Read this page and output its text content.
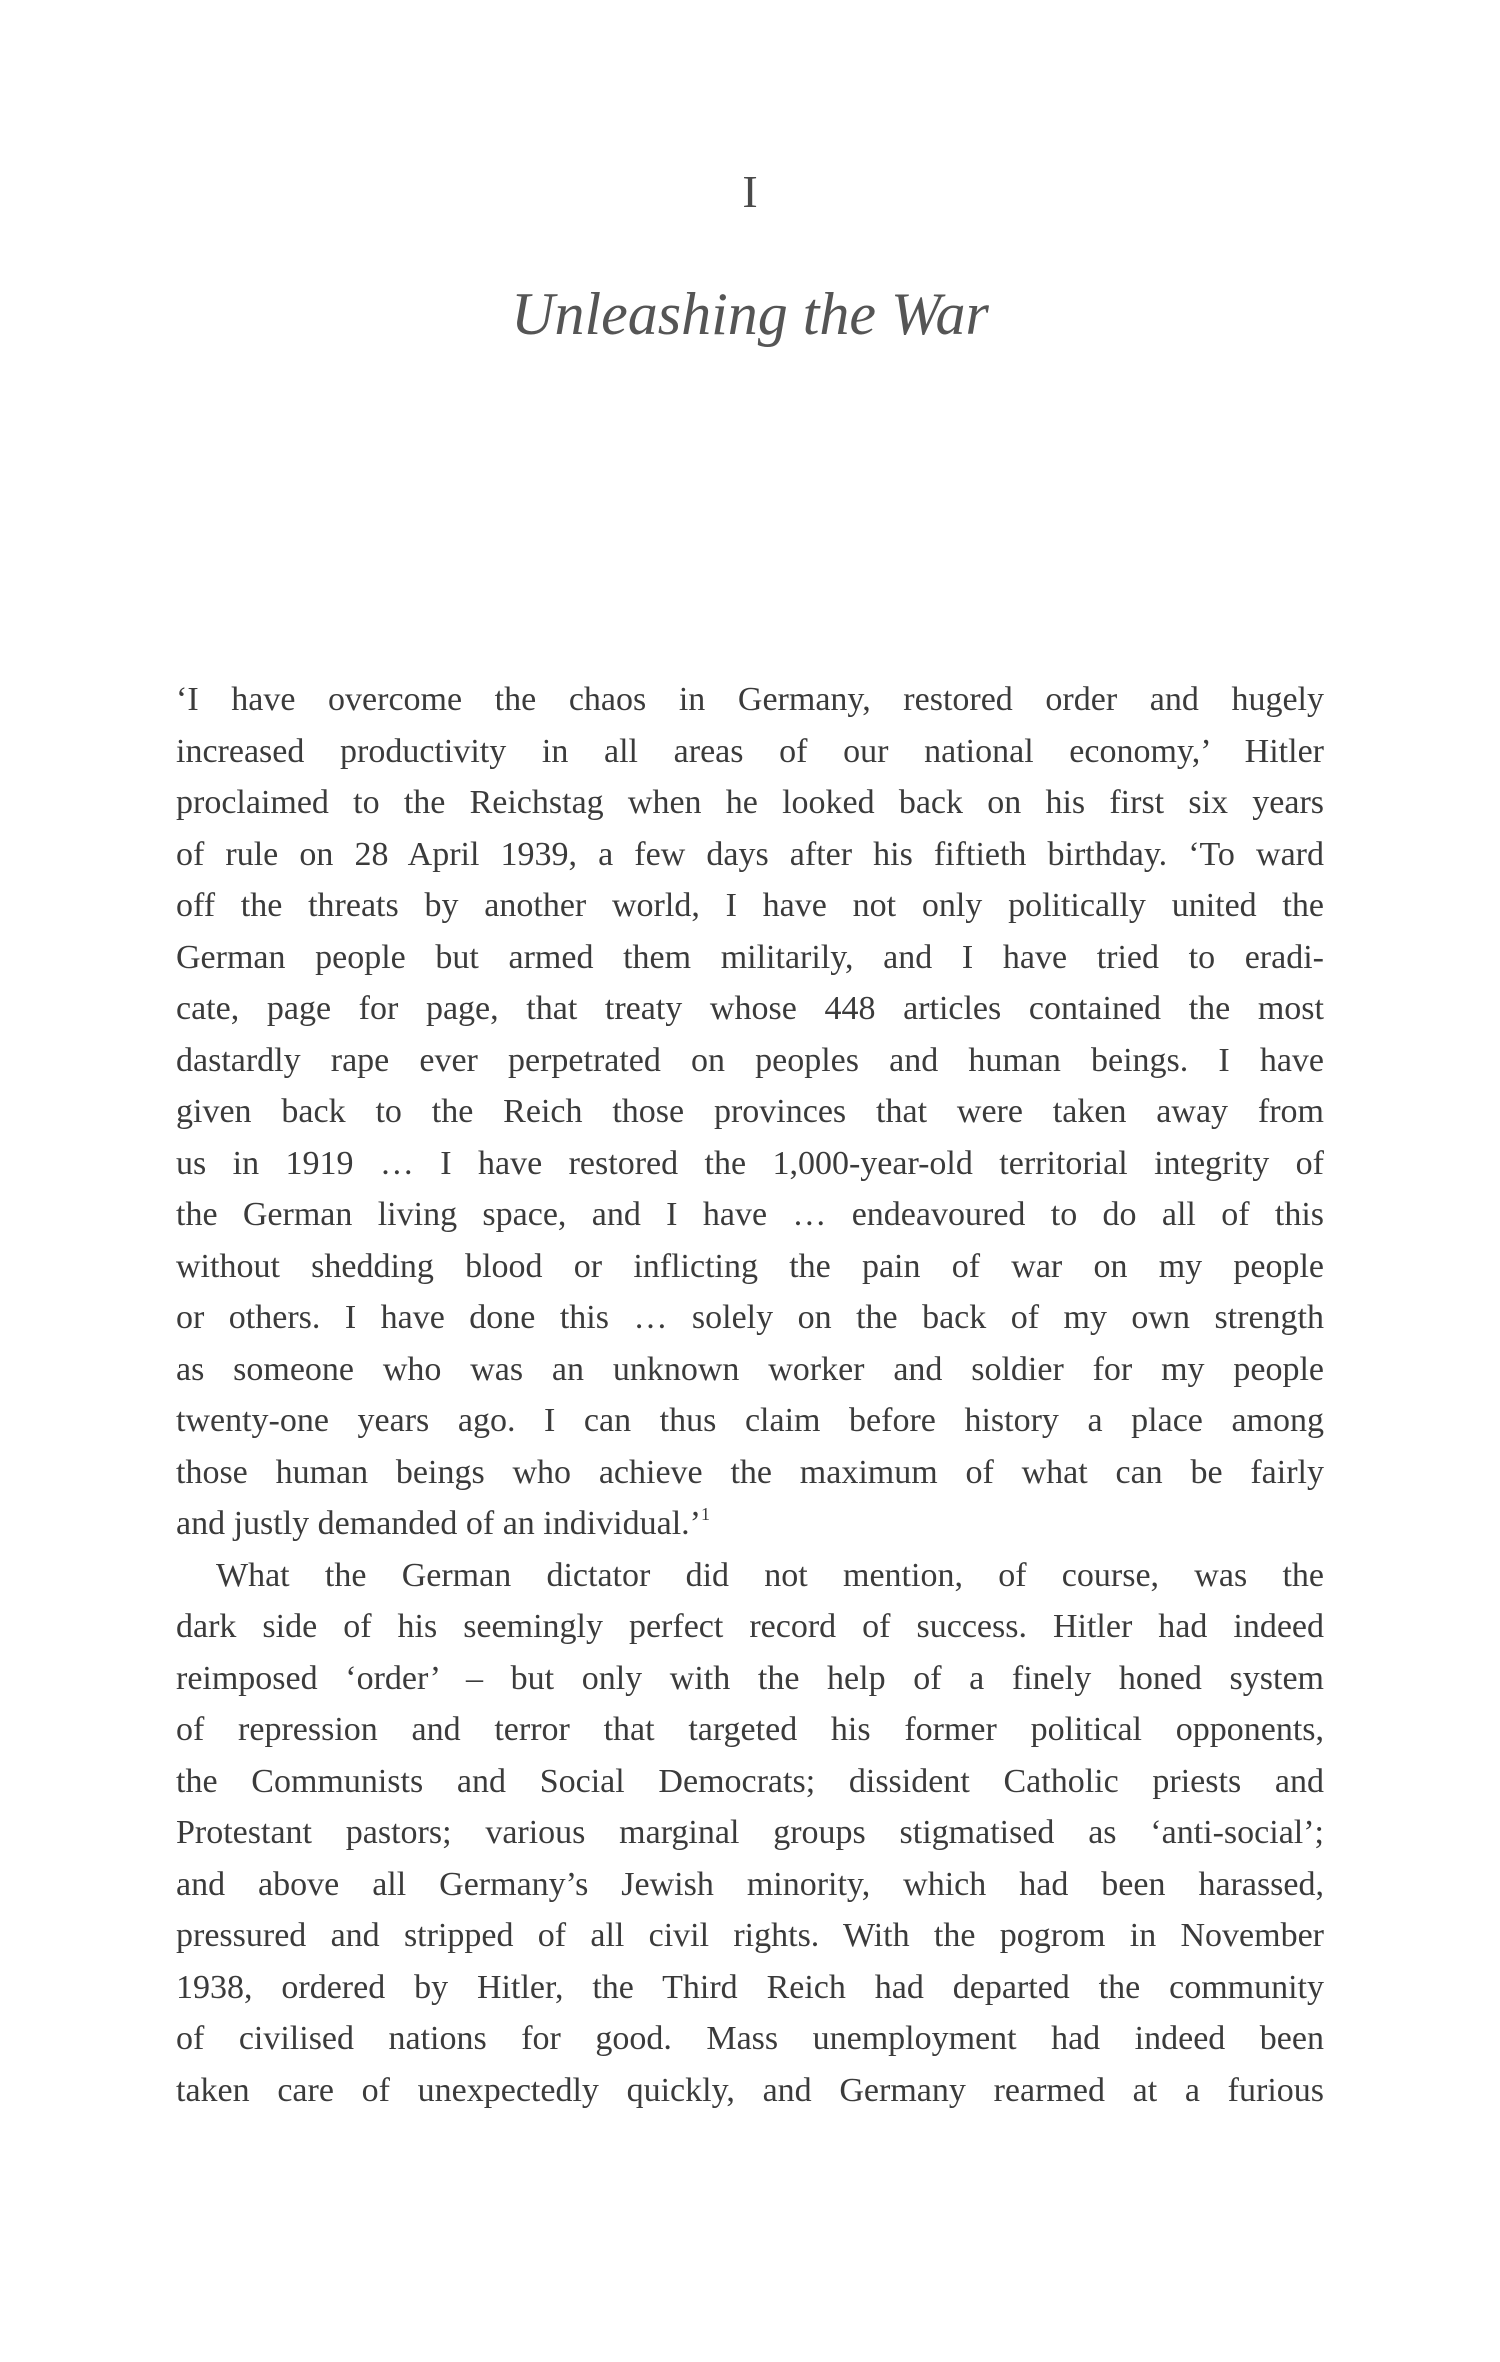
I
Unleashing the War
‘I have overcome the chaos in Germany, restored order and hugely
increased productivity in all areas of our national economy,’ Hitler
proclaimed to the Reichstag when he looked back on his first six years
of rule on 28 April 1939, a few days after his fiftieth birthday. ‘To ward
off the threats by another world, I have not only politically united the
German people but armed them militarily, and I have tried to eradi-
cate, page for page, that treaty whose 448 articles contained the most
dastardly rape ever perpetrated on peoples and human beings. I have
given back to the Reich those provinces that were taken away from
us in 1919 … I have restored the 1,000-year-old territorial integrity of
the German living space, and I have … endeavoured to do all of this
without shedding blood or inflicting the pain of war on my people
or others. I have done this … solely on the back of my own strength
as someone who was an unknown worker and soldier for my people
twenty-one years ago. I can thus claim before history a place among
those human beings who achieve the maximum of what can be fairly
and justly demanded of an individual.’$^1$
What the German dictator did not mention, of course, was the
dark side of his seemingly perfect record of success. Hitler had indeed
reimposed ‘order’ – but only with the help of a finely honed system
of repression and terror that targeted his former political opponents,
the Communists and Social Democrats; dissident Catholic priests and
Protestant pastors; various marginal groups stigmatised as ‘anti-social’;
and above all Germany’s Jewish minority, which had been harassed,
pressured and stripped of all civil rights. With the pogrom in November
1938, ordered by Hitler, the Third Reich had departed the community
of civilised nations for good. Mass unemployment had indeed been
taken care of unexpectedly quickly, and Germany rearmed at a furious
